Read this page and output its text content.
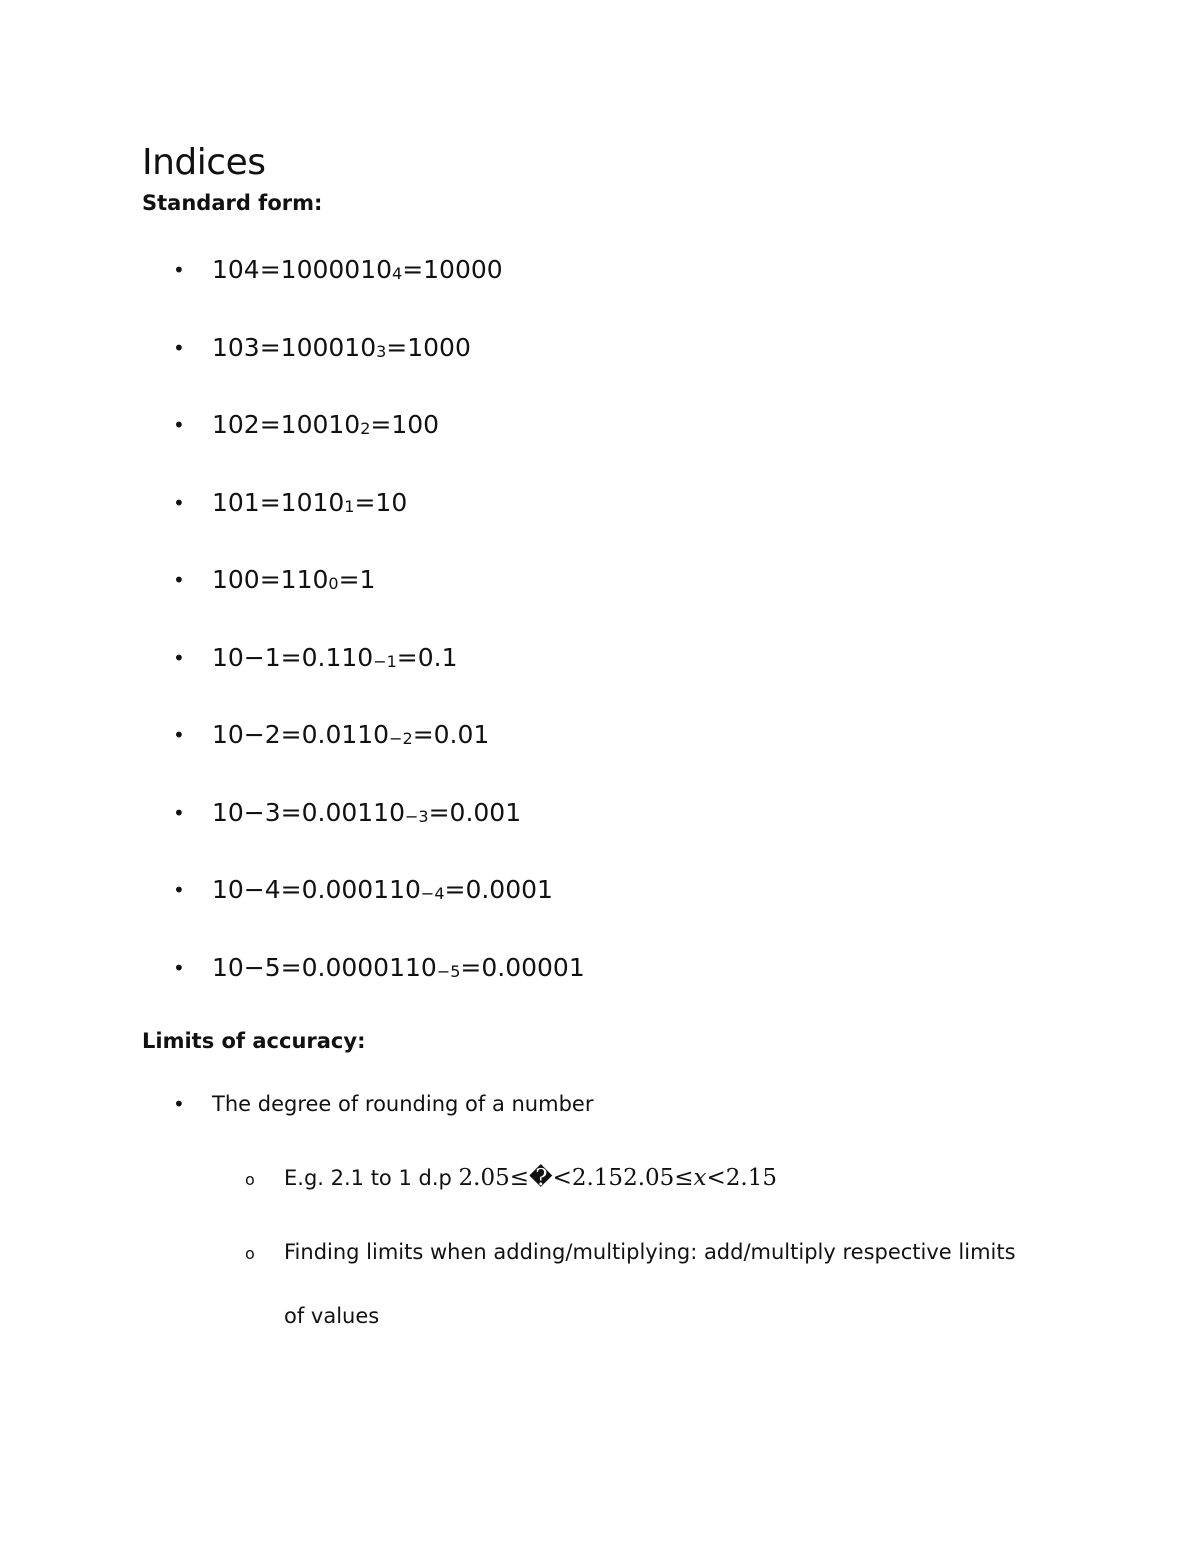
Indices
Standard form:
• 104=10000104=10000
• 103=1000103=1000
• 102=100102=100
• 101=10101=10
• 100=1100=1
• 10−1=0.110−1=0.1
• 10−2=0.0110−2=0.01
• 10−3=0.00110−3=0.001
• 10−4=0.000110−4=0.0001
• 10−5=0.0000110−5=0.00001
Limits of accuracy:
• The degree of rounding of a number
o E.g. 2.1 to 1 d.p 2.05≤�<2.152.05≤x<2.15
o Finding limits when adding/multiplying: add/multiply respective limits
of values
